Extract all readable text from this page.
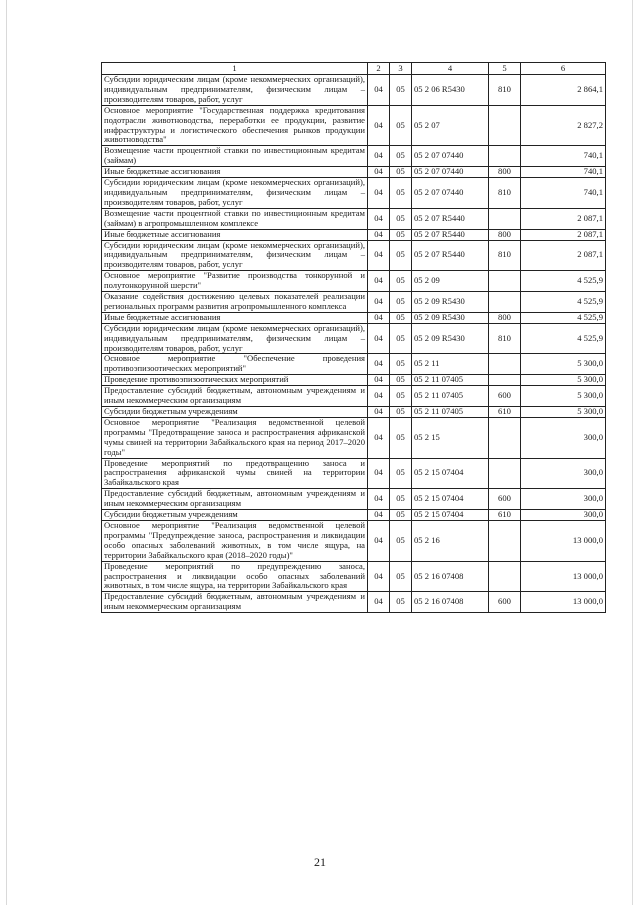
1	2	3	4	5	6
Субсидии юридическим лицам (кроме некоммерческих организаций), индивидуальным предпринимателям, физическим лицам – производителям товаров, работ, услуг	04	05	05 2 06 R5430	810	2 864,1
Основное мероприятие "Государственная поддержка кредитования подотрасли животноводства, переработки ее продукции, развитие инфраструктуры и логистического обеспечения рынков продукции животноводства"	04	05	05 2 07		2 827,2
Возмещение части процентной ставки по инвестиционным кредитам (займам)	04	05	05 2 07 07440		740,1
Иные бюджетные ассигнования	04	05	05 2 07 07440	800	740,1
Субсидии юридическим лицам (кроме некоммерческих организаций), индивидуальным предпринимателям, физическим лицам – производителям товаров, работ, услуг	04	05	05 2 07 07440	810	740,1
Возмещение части процентной ставки по инвестиционным кредитам (займам) в агропромышленном комплексе	04	05	05 2 07 R5440		2 087,1
Иные бюджетные ассигнования	04	05	05 2 07 R5440	800	2 087,1
Субсидии юридическим лицам (кроме некоммерческих организаций), индивидуальным предпринимателям, физическим лицам – производителям товаров, работ, услуг	04	05	05 2 07 R5440	810	2 087,1
Основное мероприятие "Развитие производства тонкорунной и полутонкорунной шерсти"	04	05	05 2 09		4 525,9
Оказание содействия достижению целевых показателей реализации региональных программ развития агропромышленного комплекса	04	05	05 2 09 R5430		4 525,9
Иные бюджетные ассигнования	04	05	05 2 09 R5430	800	4 525,9
Субсидии юридическим лицам (кроме некоммерческих организаций), индивидуальным предпринимателям, физическим лицам – производителям товаров, работ, услуг	04	05	05 2 09 R5430	810	4 525,9
Основное мероприятие "Обеспечение проведения противоэпизоотических мероприятий"	04	05	05 2 11		5 300,0
Проведение противоэпизоотических мероприятий	04	05	05 2 11 07405		5 300,0
Предоставление субсидий бюджетным, автономным учреждениям и иным некоммерческим организациям	04	05	05 2 11 07405	600	5 300,0
Субсидии бюджетным учреждениям	04	05	05 2 11 07405	610	5 300,0
Основное мероприятие "Реализация ведомственной целевой программы "Предотвращение заноса и распространения африканской чумы свиней на территории Забайкальского края на период 2017–2020 годы"	04	05	05 2 15		300,0
Проведение мероприятий по предотвращению заноса и распространения африканской чумы свиней на территории Забайкальского края	04	05	05 2 15 07404		300,0
Предоставление субсидий бюджетным, автономным учреждениям и иным некоммерческим организациям	04	05	05 2 15 07404	600	300,0
Субсидии бюджетным учреждениям	04	05	05 2 15 07404	610	300,0
Основное мероприятие "Реализация ведомственной целевой программы "Предупреждение заноса, распространения и ликвидации особо опасных заболеваний животных, в том числе ящура, на территории Забайкальского края (2018–2020 годы)"	04	05	05 2 16		13 000,0
Проведение мероприятий по предупреждению заноса, распространения и ликвидации особо опасных заболеваний животных, в том числе ящура, на территории Забайкальского края	04	05	05 2 16 07408		13 000,0
Предоставление субсидий бюджетным, автономным учреждениям и иным некоммерческим организациям	04	05	05 2 16 07408	600	13 000,0
21
